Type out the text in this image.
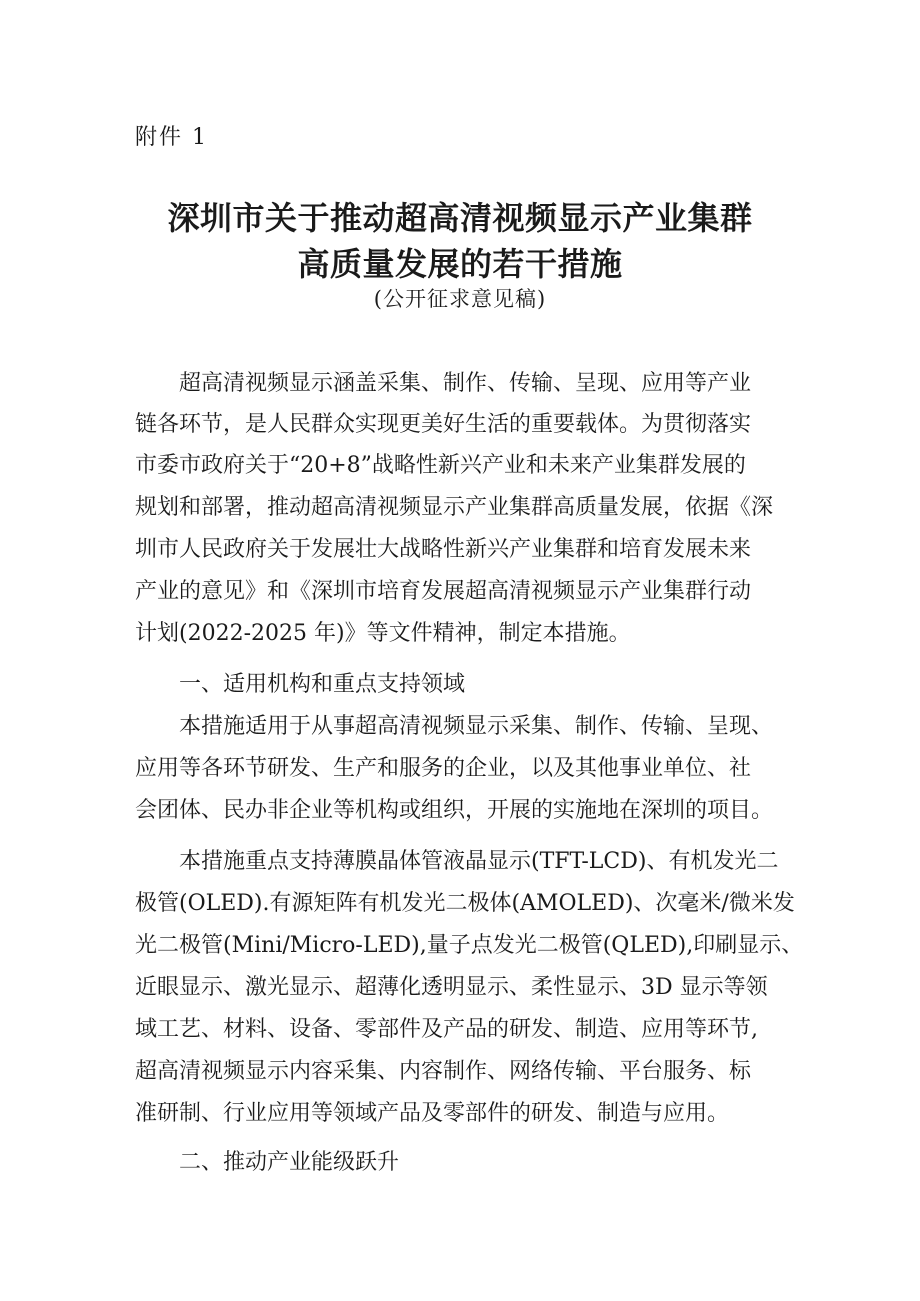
附件 1
深圳市关于推动超高清视频显示产业集群
高质量发展的若干措施
(公开征求意见稿)
　　超高清视频显示涵盖采集、制作、传输、呈现、应用等产业
链各环节，是人民群众实现更美好生活的重要载体。为贯彻落实
市委市政府关于“20+8”战略性新兴产业和未来产业集群发展的
规划和部署，推动超高清视频显示产业集群高质量发展，依据《深
圳市人民政府关于发展壮大战略性新兴产业集群和培育发展未来
产业的意见》和《深圳市培育发展超高清视频显示产业集群行动
计划(2022-2025 年)》等文件精神，制定本措施。
　　一、适用机构和重点支持领域
　　本措施适用于从事超高清视频显示采集、制作、传输、呈现、
应用等各环节研发、生产和服务的企业，以及其他事业单位、社
会团体、民办非企业等机构或组织，开展的实施地在深圳的项目。
　　本措施重点支持薄膜晶体管液晶显示(TFT-LCD)、有机发光二
极管(OLED).有源矩阵有机发光二极体(AMOLED)、次毫米/微米发
光二极管(Mini/Micro-LED),量子点发光二极管(QLED),印刷显示、
近眼显示、激光显示、超薄化透明显示、柔性显示、3D 显示等领
域工艺、材料、设备、零部件及产品的研发、制造、应用等环节,
超高清视频显示内容采集、内容制作、网络传输、平台服务、标
准研制、行业应用等领域产品及零部件的研发、制造与应用。
　　二、推动产业能级跃升
